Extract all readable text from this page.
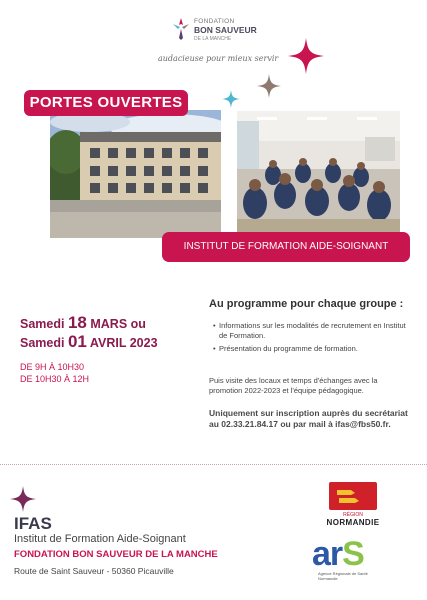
FONDATION
BON SAUVEUR
DE LA MANCHE
audacieuse pour mieux servir
PORTES OUVERTES
INSTITUT DE FORMATION AIDE-SOIGNANT
Samedi 18 MARS ou
Samedi 01 AVRIL 2023
DE 9H À 10H30
DE 10H30 À 12H
Au programme pour chaque groupe :
• Informations sur les modalités de recrutement en Institut de Formation.
• Présentation du programme de formation.
Puis visite des locaux et temps d'échanges avec la promotion 2022-2023 et l'équipe pédagogique.
Uniquement sur inscription auprès du secrétariat au 02.33.21.84.17 ou par mail à ifas@fbs50.fr.
IFAS
Institut de Formation Aide-Soignant
FONDATION BON SAUVEUR DE LA MANCHE
Route de Saint Sauveur - 50360 Picauville
RÉGION
NORMANDIE
arS
Agence Régionale de Santé Normandie
